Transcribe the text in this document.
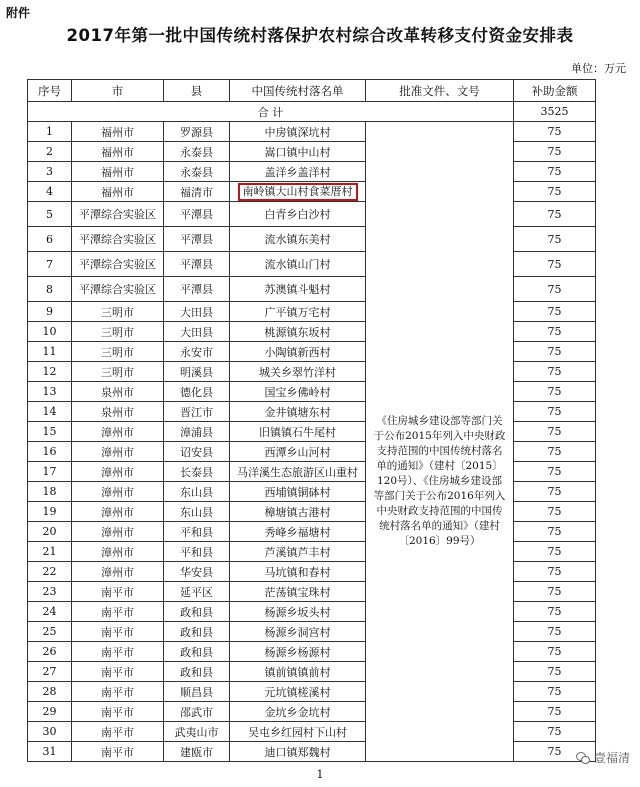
附件
2017年第一批中国传统村落保护农村综合改革转移支付资金安排表
单位：万元
序号	市	县	中国传统村落名单	批准文件、文号	补助金额
合 计					3525
1	福州市	罗源县	中房镇深坑村	《住房城乡建设部等部门关于公布2015年列入中央财政支持范围的中国传统村落名单的通知》（建村〔2015〕120号）、《住房城乡建设部等部门关于公布2016年列入中央财政支持范围的中国传统村落名单的通知》（建村〔2016〕99号）	75
2	福州市	永泰县	嵩口镇中山村		75
3	福州市	永泰县	盖洋乡盖洋村		75
4	福州市	福清市	南岭镇大山村食菜厝村		75
5	平潭综合实验区	平潭县	白青乡白沙村		75
6	平潭综合实验区	平潭县	流水镇东美村		75
7	平潭综合实验区	平潭县	流水镇山门村		75
8	平潭综合实验区	平潭县	苏澳镇斗魁村		75
9	三明市	大田县	广平镇万宅村		75
10	三明市	大田县	桃源镇东坂村		75
11	三明市	永安市	小陶镇新西村		75
12	三明市	明溪县	城关乡翠竹洋村		75
13	泉州市	德化县	国宝乡佛岭村		75
14	泉州市	晋江市	金井镇塘东村		75
15	漳州市	漳浦县	旧镇镇石牛尾村		75
16	漳州市	诏安县	西潭乡山河村		75
17	漳州市	长泰县	马洋溪生态旅游区山重村		75
18	漳州市	东山县	西埔镇铜砵村		75
19	漳州市	东山县	樟塘镇古港村		75
20	漳州市	平和县	秀峰乡福塘村		75
21	漳州市	平和县	芦溪镇芦丰村		75
22	漳州市	华安县	马坑镇和春村		75
23	南平市	延平区	茫荡镇宝珠村		75
24	南平市	政和县	杨源乡坂头村		75
25	南平市	政和县	杨源乡洞宫村		75
26	南平市	政和县	杨源乡杨源村		75
27	南平市	政和县	镇前镇镇前村		75
28	南平市	顺昌县	元坑镇槎溪村		75
29	南平市	邵武市	金坑乡金坑村		75
30	南平市	武夷山市	吴屯乡红园村下山村		75
31	南平市	建瓯市	迪口镇郑魏村		75
1
壹福清
